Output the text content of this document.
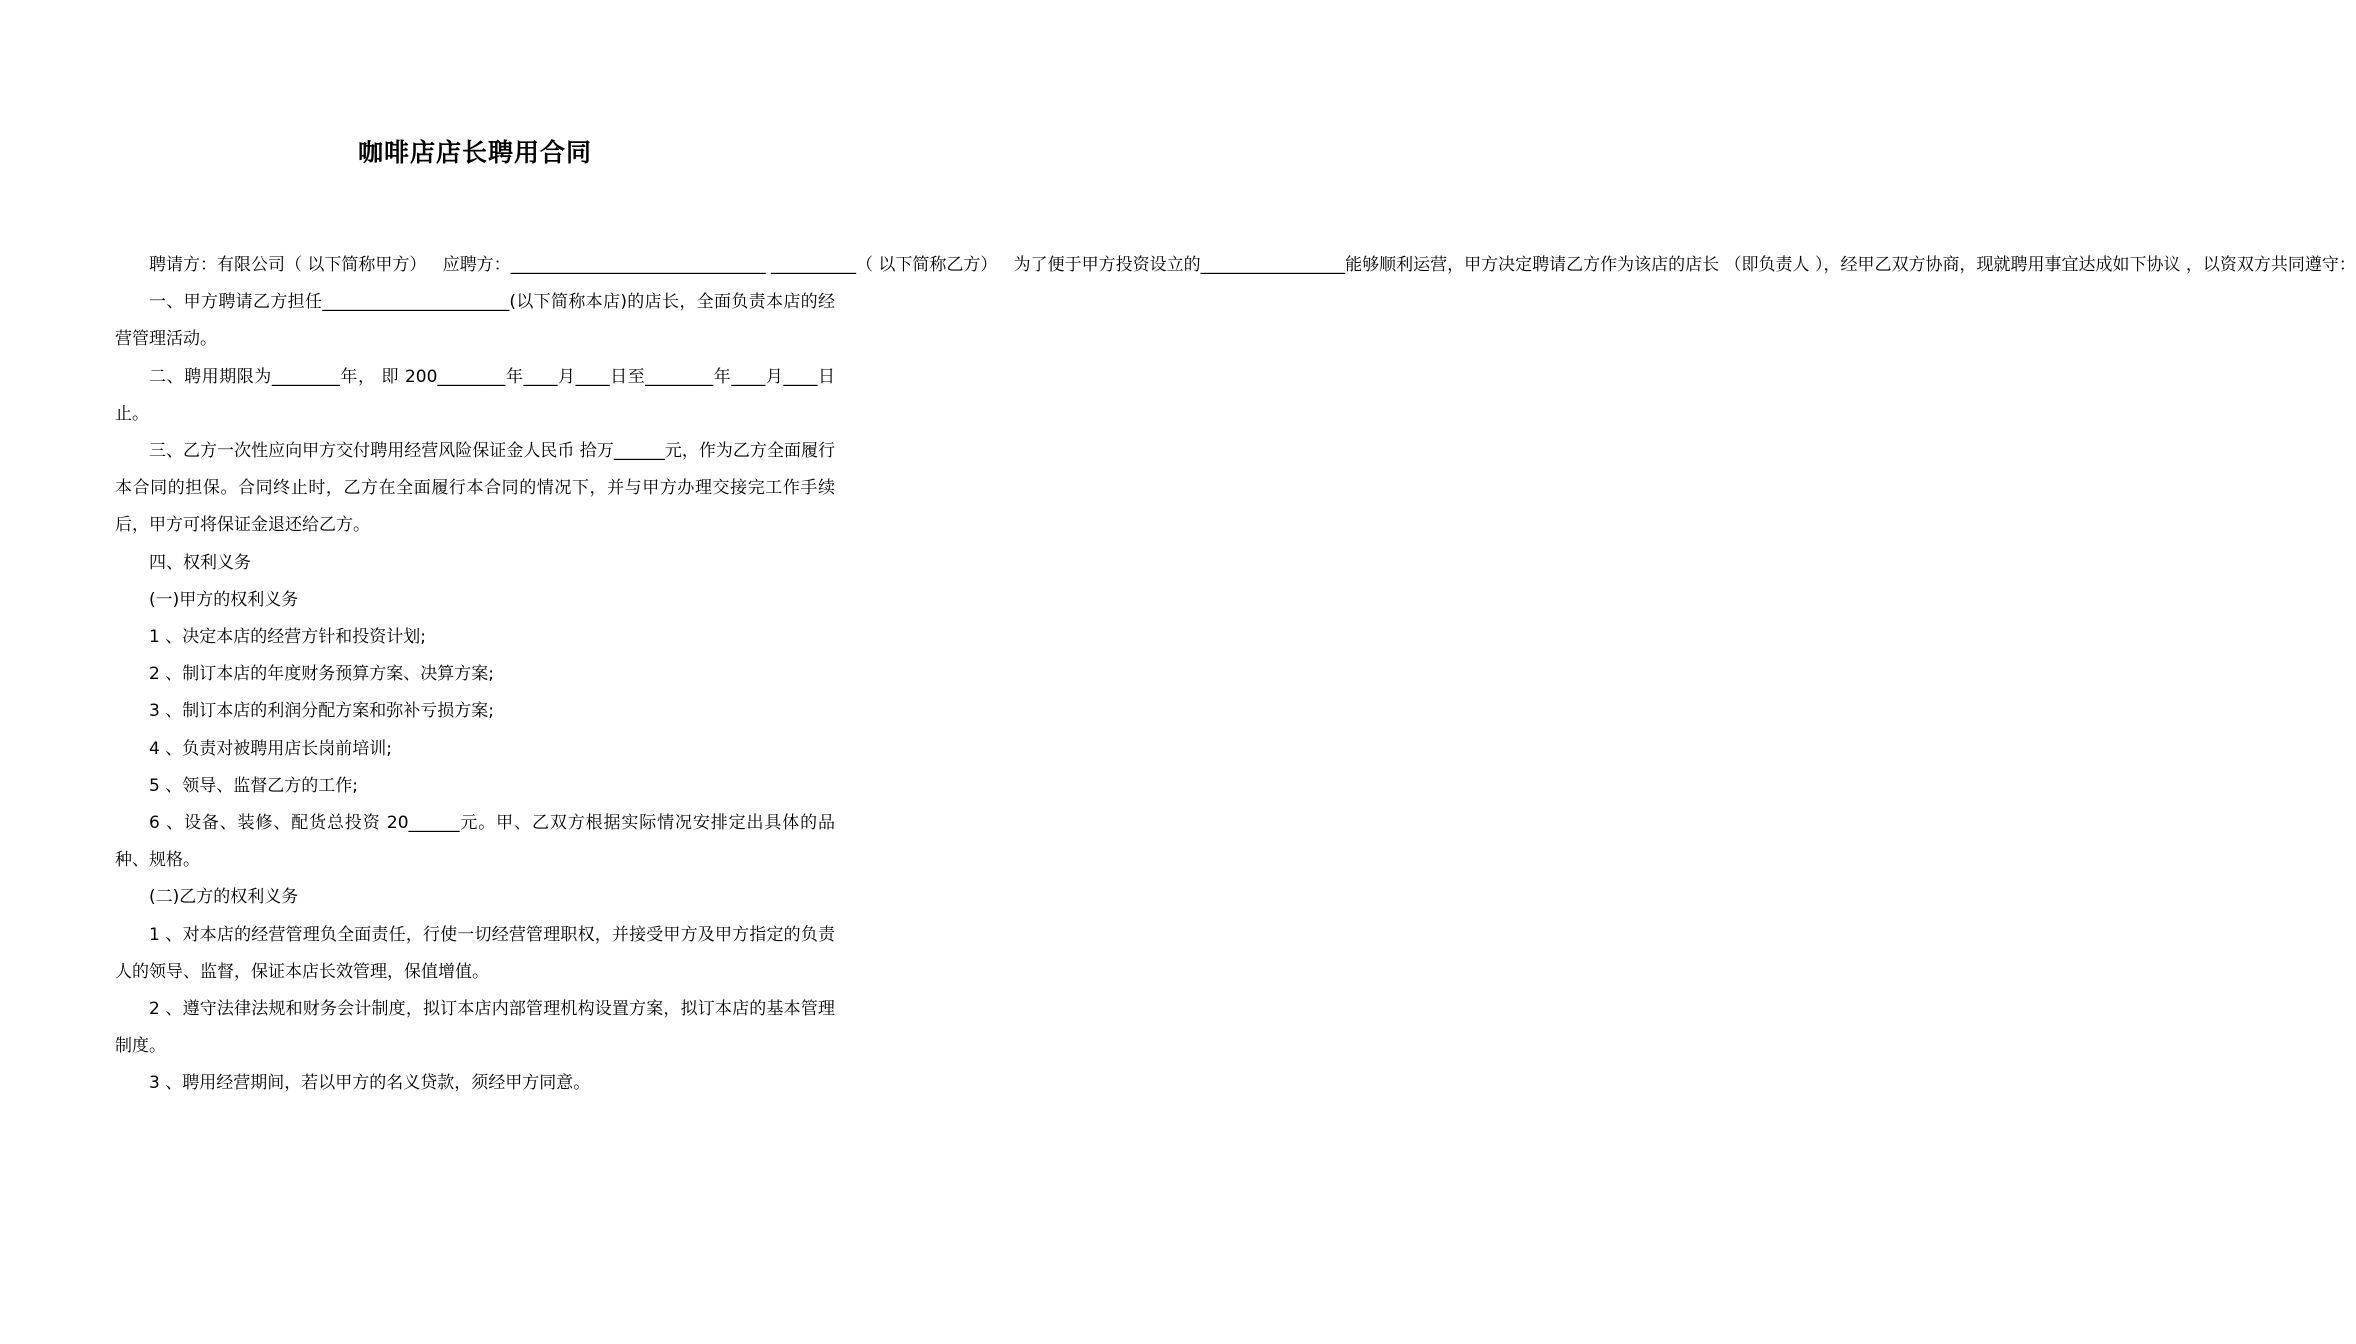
咖啡店店长聘用合同

聘请方：有限公司（ 以下简称甲方）   应聘方：______________________________ __________（ 以下简称乙方）   为了便于甲方投资设立的_________________能够顺利运营，甲方决定聘请乙方作为该店的店长 （即负责人 ），经甲乙双方协商，现就聘用事宜达成如下协议 ，以资双方共同遵守：

一、甲方聘请乙方担任______________________(以下简称本店)的店长，全面负责本店的经营管理活动。

二、聘用期限为________年， 即 200________年____月____日至________年____月____日止。

三、乙方一次性应向甲方交付聘用经营风险保证金人民币 拾万______元，作为乙方全面履行本合同的担保。合同终止时，乙方在全面履行本合同的情况下，并与甲方办理交接完工作手续后，甲方可将保证金退还给乙方。

四、权利义务

(一)甲方的权利义务

1 、决定本店的经营方针和投资计划;

2 、制订本店的年度财务预算方案、决算方案;

3 、制订本店的利润分配方案和弥补亏损方案;

4 、负责对被聘用店长岗前培训;

5 、领导、监督乙方的工作;

6 、设备、装修、配货总投资 20______元。甲、乙双方根据实际情况安排定出具体的品种、规格。

(二)乙方的权利义务

1 、对本店的经营管理负全面责任，行使一切经营管理职权，并接受甲方及甲方指定的负责人的领导、监督，保证本店长效管理，保值增值。

2 、遵守法律法规和财务会计制度，拟订本店内部管理机构设置方案，拟订本店的基本管理制度。

3 、聘用经营期间，若以甲方的名义贷款，须经甲方同意。
